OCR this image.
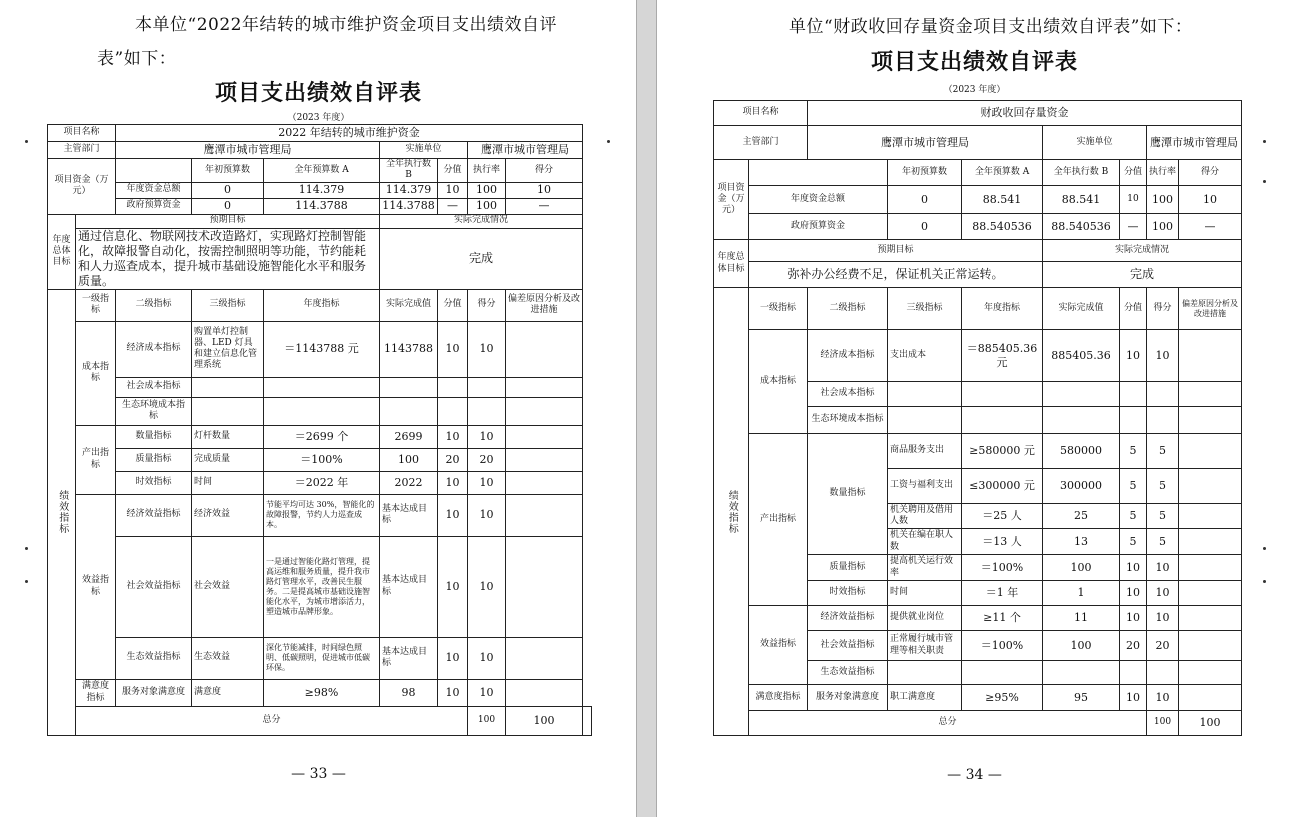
本单位“2022年结转的城市维护资金项目支出绩效自评
表”如下：
项目支出绩效自评表
（2023 年度）
项目名称		2022 年结转的城市维护资金							
主管部门		鹰潭市城市管理局			实施单位		鹰潭市城市管理局		
项目资金（万元）			年初预算数	全年预算数 A	全年执行数 B	分值	执行率	得分	
		年度资金总额	0	114.379	114.379	10	100	10	
		政府预算资金	0	114.3788	114.3788	—	100	—	
年度总体目标	预期目标				实际完成情况				
	通过信息化、物联网技术改造路灯，实现路灯控制智能化，故障报警自动化，按需控制照明等功能，节约能耗和人力巡查成本，提升城市基础设施智能化水平和服务质量。				完成				
绩效指标	一级指标	二级指标	三级指标	年度指标	实际完成值	分值	得分	偏差原因分析及改进措施	
	成本指标	经济成本指标	购置单灯控制器、LED 灯具和建立信息化管理系统	＝1143788 元	1143788	10	10		
		社会成本指标							
		生态环境成本指标							
	产出指标	数量指标	灯杆数量	＝2699 个	2699	10	10		
		质量指标	完成质量	＝100%	100	20	20		
		时效指标	时间	＝2022 年	2022	10	10		
	效益指标	经济效益指标	经济效益	节能平均可达 30%，智能化的故障报警，节约人力巡查成本。	基本达成目标	10	10		
		社会效益指标	社会效益	一是通过智能化路灯管理，提高运维和服务质量，提升我市路灯管理水平，改善民生服务。二是提高城市基础设施智能化水平，为城市增添活力，塑造城市品牌形象。	基本达成目标	10	10		
		生态效益指标	生态效益	深化节能减排，时间绿色照明、低碳照明，促进城市低碳环保。	基本达成目标	10	10		
	满意度指标	服务对象满意度	满意度	≥98%	98	10	10		
	总分						100	100	
— 33 —
单位“财政收回存量资金项目支出绩效自评表”如下：
项目支出绩效自评表
（2023 年度）
项目名称		财政收回存量资金							
主管部门		鹰潭市城市管理局			实施单位		鹰潭市城市管理局		
项目资金（万元）			年初预算数	全年预算数 A	全年执行数 B	分值	执行率	得分	
	年度资金总额		0	88.541	88.541	10	100	10	
	政府预算资金		0	88.540536	88.540536	—	100	—	
年度总体目标	预期目标				实际完成情况				
	弥补办公经费不足，保证机关正常运转。				完成				
绩效指标	一级指标	二级指标	三级指标	年度指标	实际完成值	分值	得分	偏差原因分析及改进措施	
	成本指标	经济成本指标	支出成本	＝885405.36 元	885405.36	10	10		
		社会成本指标							
		生态环境成本指标							
	产出指标	数量指标	商品服务支出	≥580000 元	580000	5	5		
			工资与福利支出	≤300000 元	300000	5	5		
			机关聘用及借用人数	＝25 人	25	5	5		
			机关在编在职人数	＝13 人	13	5	5		
		质量指标	提高机关运行效率	＝100%	100	10	10		
		时效指标	时间	＝1 年	1	10	10		
	效益指标	经济效益指标	提供就业岗位	≥11 个	11	10	10		
		社会效益指标	正常履行城市管理等相关职责	＝100%	100	20	20		
		生态效益指标							
	满意度指标	服务对象满意度	职工满意度	≥95%	95	10	10		
	总分						100	100	
— 34 —
